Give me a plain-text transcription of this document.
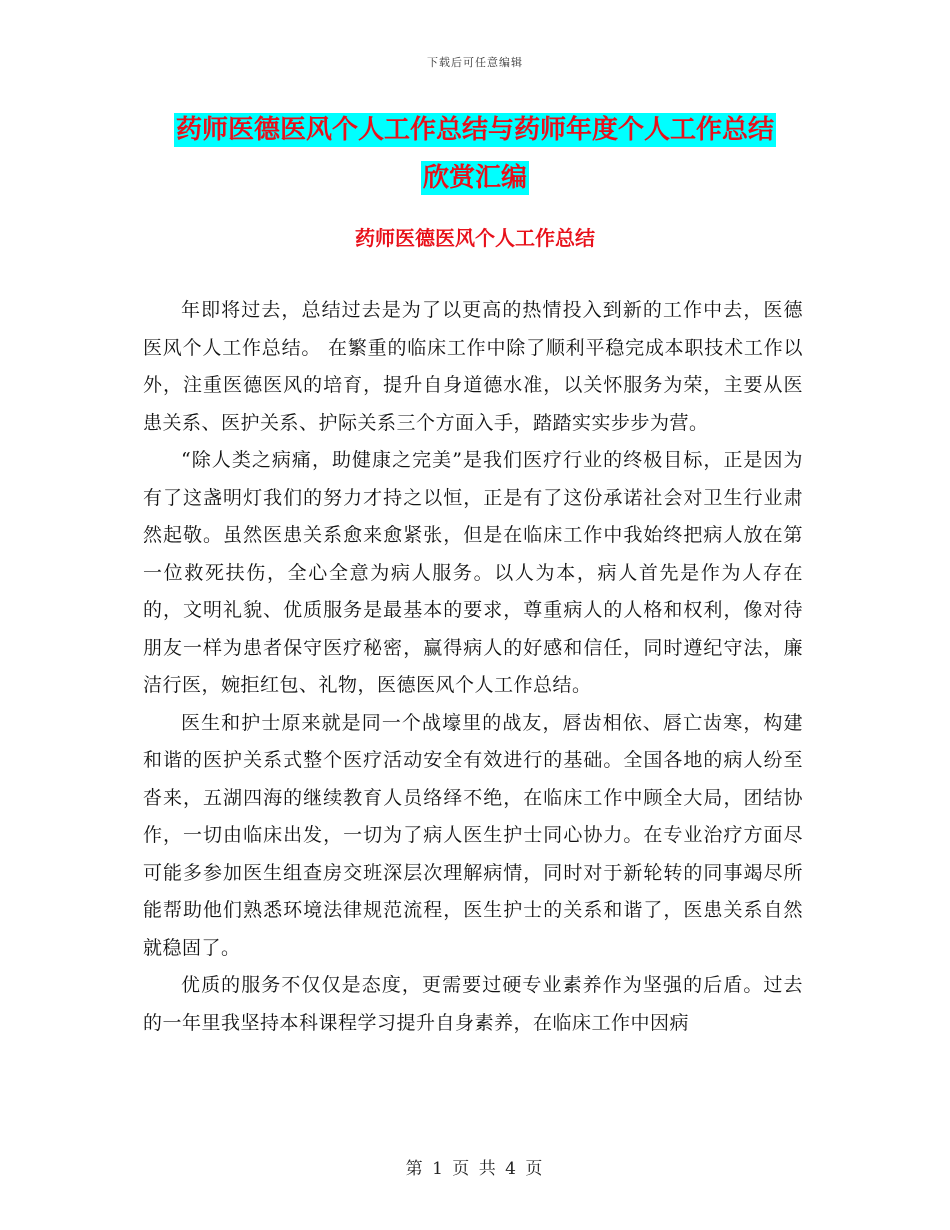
下载后可任意编辑
药师医德医风个人工作总结与药师年度个人工作总结
欣赏汇编
药师医德医风个人工作总结

年即将过去，总结过去是为了以更高的热情投入到新的工作中去，医德医风个人工作总结。 在繁重的临床工作中除了顺利平稳完成本职技术工作以外，注重医德医风的培育，提升自身道德水准，以关怀服务为荣，主要从医患关系、医护关系、护际关系三个方面入手，踏踏实实步步为营。

“除人类之病痛，助健康之完美”是我们医疗行业的终极目标，正是因为有了这盏明灯我们的努力才持之以恒，正是有了这份承诺社会对卫生行业肃然起敬。虽然医患关系愈来愈紧张，但是在临床工作中我始终把病人放在第一位救死扶伤，全心全意为病人服务。以人为本，病人首先是作为人存在的，文明礼貌、优质服务是最基本的要求，尊重病人的人格和权利，像对待朋友一样为患者保守医疗秘密，赢得病人的好感和信任，同时遵纪守法，廉洁行医，婉拒红包、礼物，医德医风个人工作总结。

医生和护士原来就是同一个战壕里的战友，唇齿相依、唇亡齿寒，构建和谐的医护关系式整个医疗活动安全有效进行的基础。全国各地的病人纷至沓来，五湖四海的继续教育人员络绎不绝，在临床工作中顾全大局，团结协作，一切由临床出发，一切为了病人医生护士同心协力。在专业治疗方面尽可能多参加医生组查房交班深层次理解病情，同时对于新轮转的同事竭尽所能帮助他们熟悉环境法律规范流程，医生护士的关系和谐了，医患关系自然就稳固了。

优质的服务不仅仅是态度，更需要过硬专业素养作为坚强的后盾。过去的一年里我坚持本科课程学习提升自身素养，在临床工作中因病

第 1 页 共 4 页
